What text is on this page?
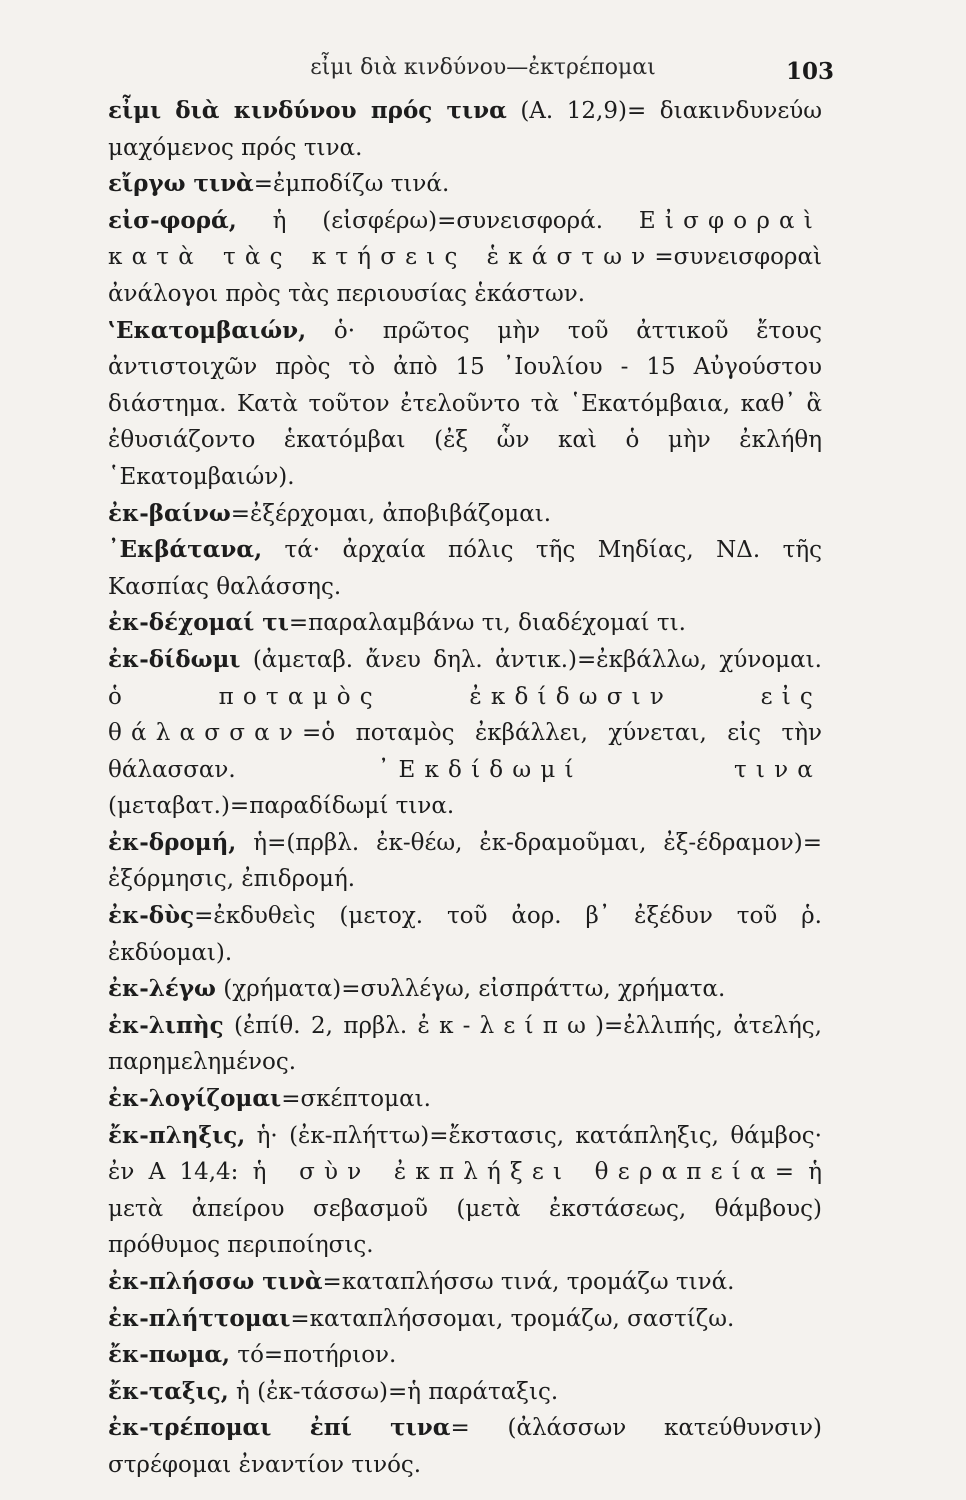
εἶμι διὰ κινδύνου—ἐκτρέπομαι	103

εἶμι διὰ κινδύνου πρός τινα (Α. 12,9)= διακινδυνεύω μαχόμενος πρός τινα.

εἴργω τινὰ=ἐμποδίζω τινά.

εἰσ-φορά, ἡ (εἰσφέρω)=συνεισφορά. Εἰσφοραὶ κατὰ τὰς κτήσεις ἑκάστων=συνεισφοραὶ ἀνάλογοι πρὸς τὰς περιουσίας ἑκάστων.

‛Εκατομβαιών, ὁ· πρῶτος μὴν τοῦ ἀττικοῦ ἔτους ἀντιστοιχῶν πρὸς τὸ ἀπὸ 15 ᾽Ιουλίου - 15 Αὐγούστου διάστημα. Κατὰ τοῦτον ἐτελοῦντο τὰ ῾Εκατόμβαια, καθ᾽ ἃ ἐθυσιάζοντο ἑκατόμβαι (ἐξ ὧν καὶ ὁ μὴν ἐκλήθη ῾Εκατομβαιών).

ἐκ-βαίνω=ἐξέρχομαι, ἀποβιβάζομαι.

᾽Εκβάτανα, τά· ἀρχαία πόλις τῆς Μηδίας, ΝΔ. τῆς Κασπίας θαλάσσης.

ἐκ-δέχομαί τι=παραλαμβάνω τι, διαδέχομαί τι.

ἐκ-δίδωμι (ἀμεταβ. ἄνευ δηλ. ἀντικ.)=ἐκβάλλω, χύνομαι. ὁ ποταμὸς ἐκδίδωσιν εἰς θάλασσαν=ὁ ποταμὸς ἐκβάλλει, χύνεται, εἰς τὴν θάλασσαν. ᾽Εκδίδωμί τινα (μεταβατ.)=παραδίδωμί τινα.

ἐκ-δρομή, ἡ=(πρβλ. ἐκ-θέω, ἐκ-δραμοῦμαι, ἐξ-έδραμον)= ἐξόρμησις, ἐπιδρομή.

ἐκ-δὺς=ἐκδυθεὶς (μετοχ. τοῦ ἀορ. β᾽ ἐξέδυν τοῦ ῥ. ἐκδύομαι).

ἐκ-λέγω (χρήματα)=συλλέγω, εἰσπράττω, χρήματα.

ἐκ-λιπὴς (ἐπίθ. 2, πρβλ. ἐκ-λείπω)=ἐλλιπής, ἀτελής, παρημελημένος.

ἐκ-λογίζομαι=σκέπτομαι.

ἔκ-πληξις, ἡ· (ἐκ-πλήττω)=ἔκστασις, κατάπληξις, θάμβος· ἐν Α 14,4: ἡ σὺν ἐκπλήξει θεραπεία= ἡ μετὰ ἀπείρου σεβασμοῦ (μετὰ ἐκστάσεως, θάμβους) πρόθυμος περιποίησις.

ἐκ-πλήσσω τινὰ=καταπλήσσω τινά, τρομάζω τινά.

ἐκ-πλήττομαι=καταπλήσσομαι, τρομάζω, σαστίζω.

ἔκ-πωμα, τό=ποτήριον.

ἔκ-ταξις, ἡ (ἐκ-τάσσω)=ἡ παράταξις.

ἐκ-τρέπομαι ἐπί τινα= (ἀλάσσων κατεύθυνσιν) στρέφομαι ἐναντίον τινός.
